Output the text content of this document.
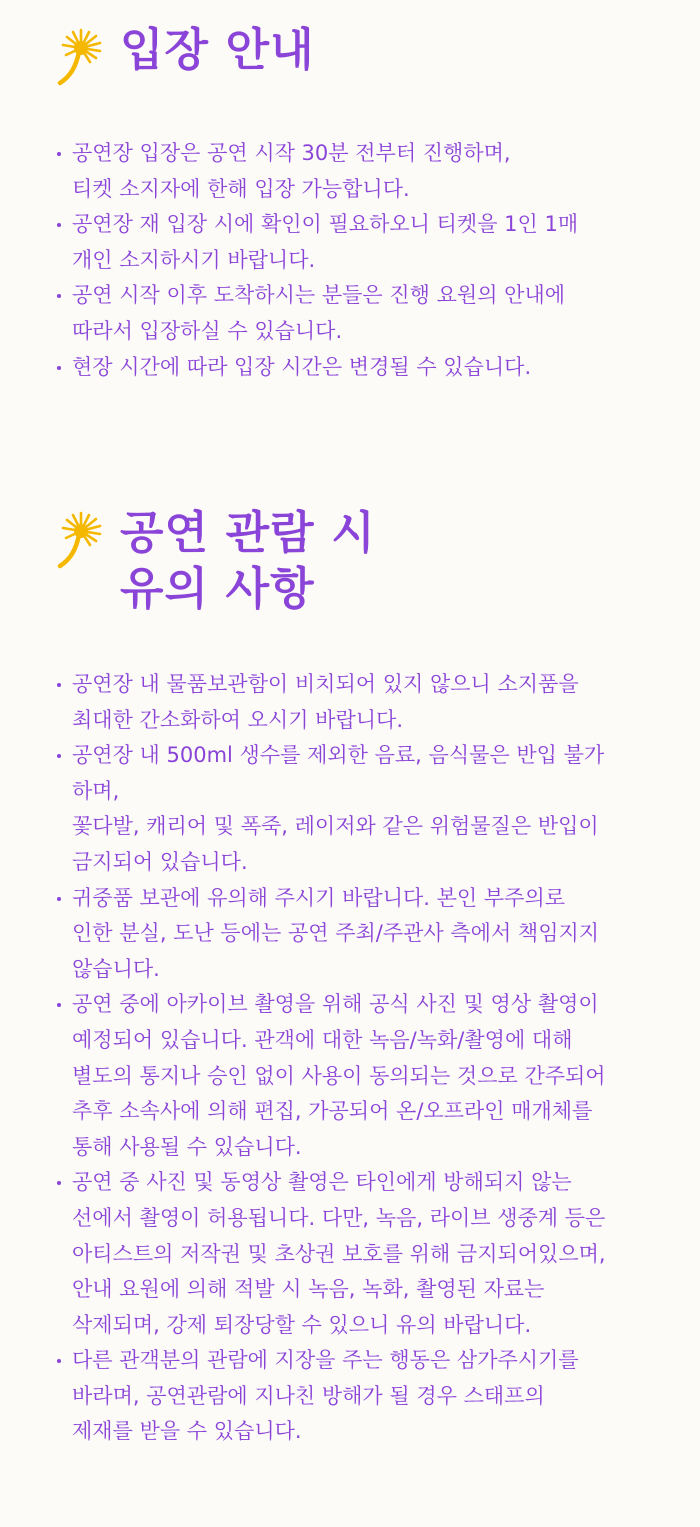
입장 안내
공연장 입장은 공연 시작 30분 전부터 진행하며,
티켓 소지자에 한해 입장 가능합니다.
공연장 재 입장 시에 확인이 필요하오니 티켓을 1인 1매
개인 소지하시기 바랍니다.
공연 시작 이후 도착하시는 분들은 진행 요원의 안내에
따라서 입장하실 수 있습니다.
현장 시간에 따라 입장 시간은 변경될 수 있습니다.
공연 관람 시
유의 사항
공연장 내 물품보관함이 비치되어 있지 않으니 소지품을
최대한 간소화하여 오시기 바랍니다.
공연장 내 500ml 생수를 제외한 음료, 음식물은 반입 불가
하며,
꽃다발, 캐리어 및 폭죽, 레이저와 같은 위험물질은 반입이
금지되어 있습니다.
귀중품 보관에 유의해 주시기 바랍니다. 본인 부주의로
인한 분실, 도난 등에는 공연 주최/주관사 측에서 책임지지
않습니다.
공연 중에 아카이브 촬영을 위해 공식 사진 및 영상 촬영이
예정되어 있습니다. 관객에 대한 녹음/녹화/촬영에 대해
별도의 통지나 승인 없이 사용이 동의되는 것으로 간주되어
추후 소속사에 의해 편집, 가공되어 온/오프라인 매개체를
통해 사용될 수 있습니다.
공연 중 사진 및 동영상 촬영은 타인에게 방해되지 않는
선에서 촬영이 허용됩니다. 다만, 녹음, 라이브 생중계 등은
아티스트의 저작권 및 초상권 보호를 위해 금지되어있으며,
안내 요원에 의해 적발 시 녹음, 녹화, 촬영된 자료는
삭제되며, 강제 퇴장당할 수 있으니 유의 바랍니다.
다른 관객분의 관람에 지장을 주는 행동은 삼가주시기를
바라며, 공연관람에 지나친 방해가 될 경우 스태프의
제재를 받을 수 있습니다.
